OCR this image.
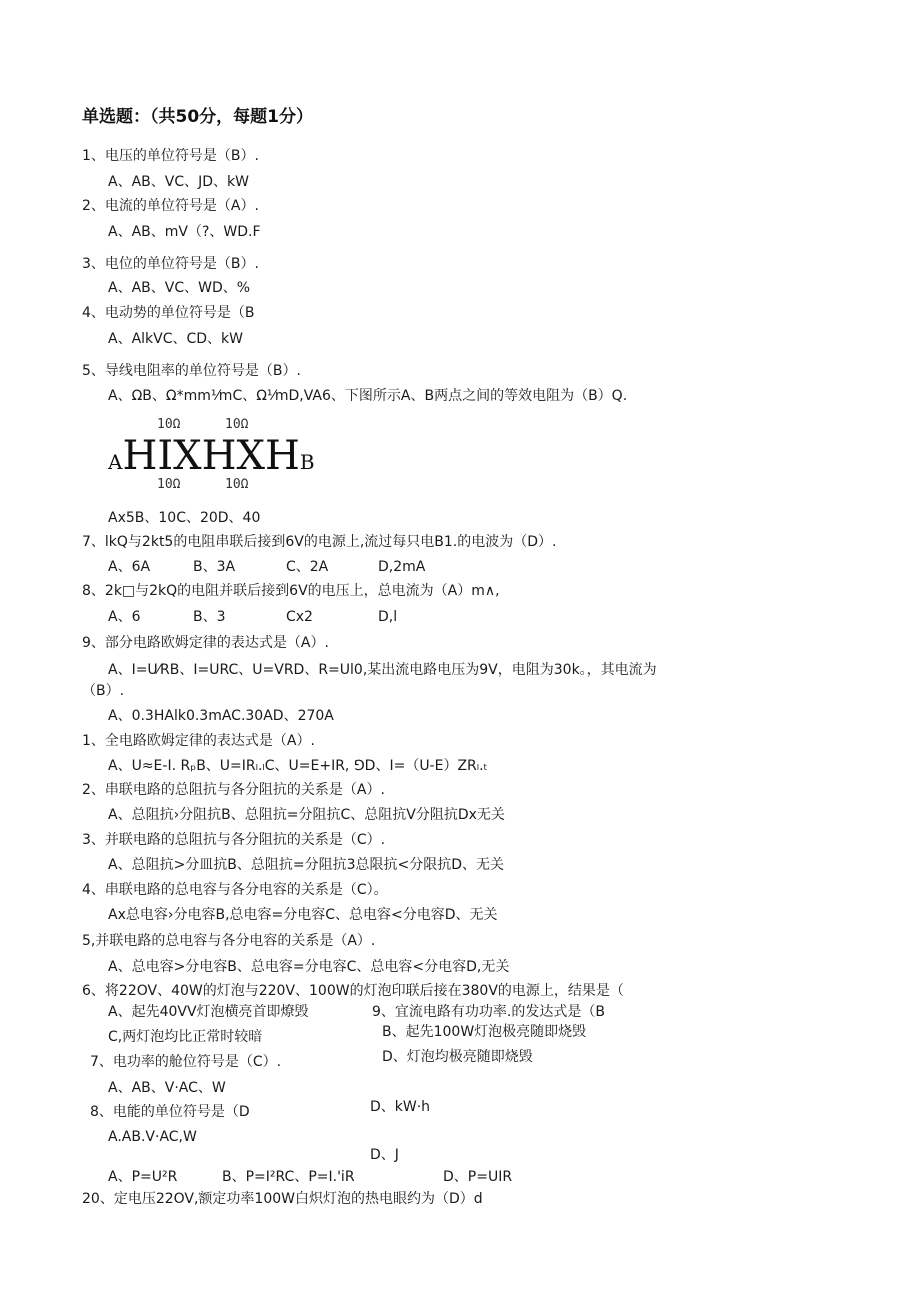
单选题：（共50分，每题1分）
1、电压的单位符号是（B）.
A、AB、VC、JD、kW
2、电流的单位符号是（A）.
A、AB、mV（?、WD.F
3、电位的单位符号是（B）.
A、AB、VC、WD、%
4、电动势的单位符号是（B
A、AlkVC、CD、kW
5、导线电阻率的单位符号是（B）.
A、ΩB、Ω*mm⅟mC、Ω⅟mD,VA6、下图所示A、B两点之间的等效电阻为（B）Q.
Ax5B、10C、20D、40
7、lkQ与2kt5的电阻串联后接到6V的电源上,流过每只电B1.的电波为（D）.
A、6A	B、3A	C、2A	D,2mA
8、2k□与2kQ的电阻并联后接到6V的电压上，总电流为（A）m∧,
A、6	B、3	Cx2	D,l
9、部分电路欧姆定律的表达式是（A）.
A、I=U⁄RB、I=URC、U=VRD、R=Ul0,某出流电路电压为9V，电阻为30k。，其电流为
（B）.
A、0.3HAlk0.3mAC.30AD、270A
1、全电路欧姆定律的表达式是（A）.
A、U≈E-I. RₚB、U=IRₗ.ₗC、U=E+IR, ⅁D、I=（U-E）ZRₗ.ₜ
2、串联电路的总阻抗与各分阻抗的关系是（A）.
A、总阻抗›分阻抗B、总阻抗=分阻抗C、总阻抗V分阻抗Dx无关
3、并联电路的总阻抗与各分阻抗的关系是（C）.
A、总阻抗>分皿抗B、总阻抗=分阻抗3总限抗<分限抗D、无关
4、串联电路的总电容与各分电容的关系是（C）。
Ax总电容›分电容B,总电容=分电容C、总电容<分电容D、无关
5,并联电路的总电容与各分电容的关系是（A）.
A、总电容>分电容B、总电容=分电容C、总电容<分电容D,无关
6、将22OV、40W的灯泡与220V、100W的灯泡印联后接在380V的电源上，结果是（
A、起先40VV灯泡横亮首即燎毁	9、宜流电路有功功率.的发达式是（B
B、起先100W灯泡极亮随即烧毁
C,两灯泡均比正常时较暗
D、灯泡均极亮随即烧毁
7、电功率的舱位符号是（C）.
A、AB、V·AC、W
D、kW·h
8、电能的单位符号是（D
A.AB.V·AC,W
D、J
A、P=U²R	B、P=I²RC、P=I.'iR	D、P=UIR
20、定电压22OV,额定功率100W白炽灯泡的热电眼约为（D）d
10Ω	10Ω
$^AHIXHXH^B$
10Ω	10Ω
